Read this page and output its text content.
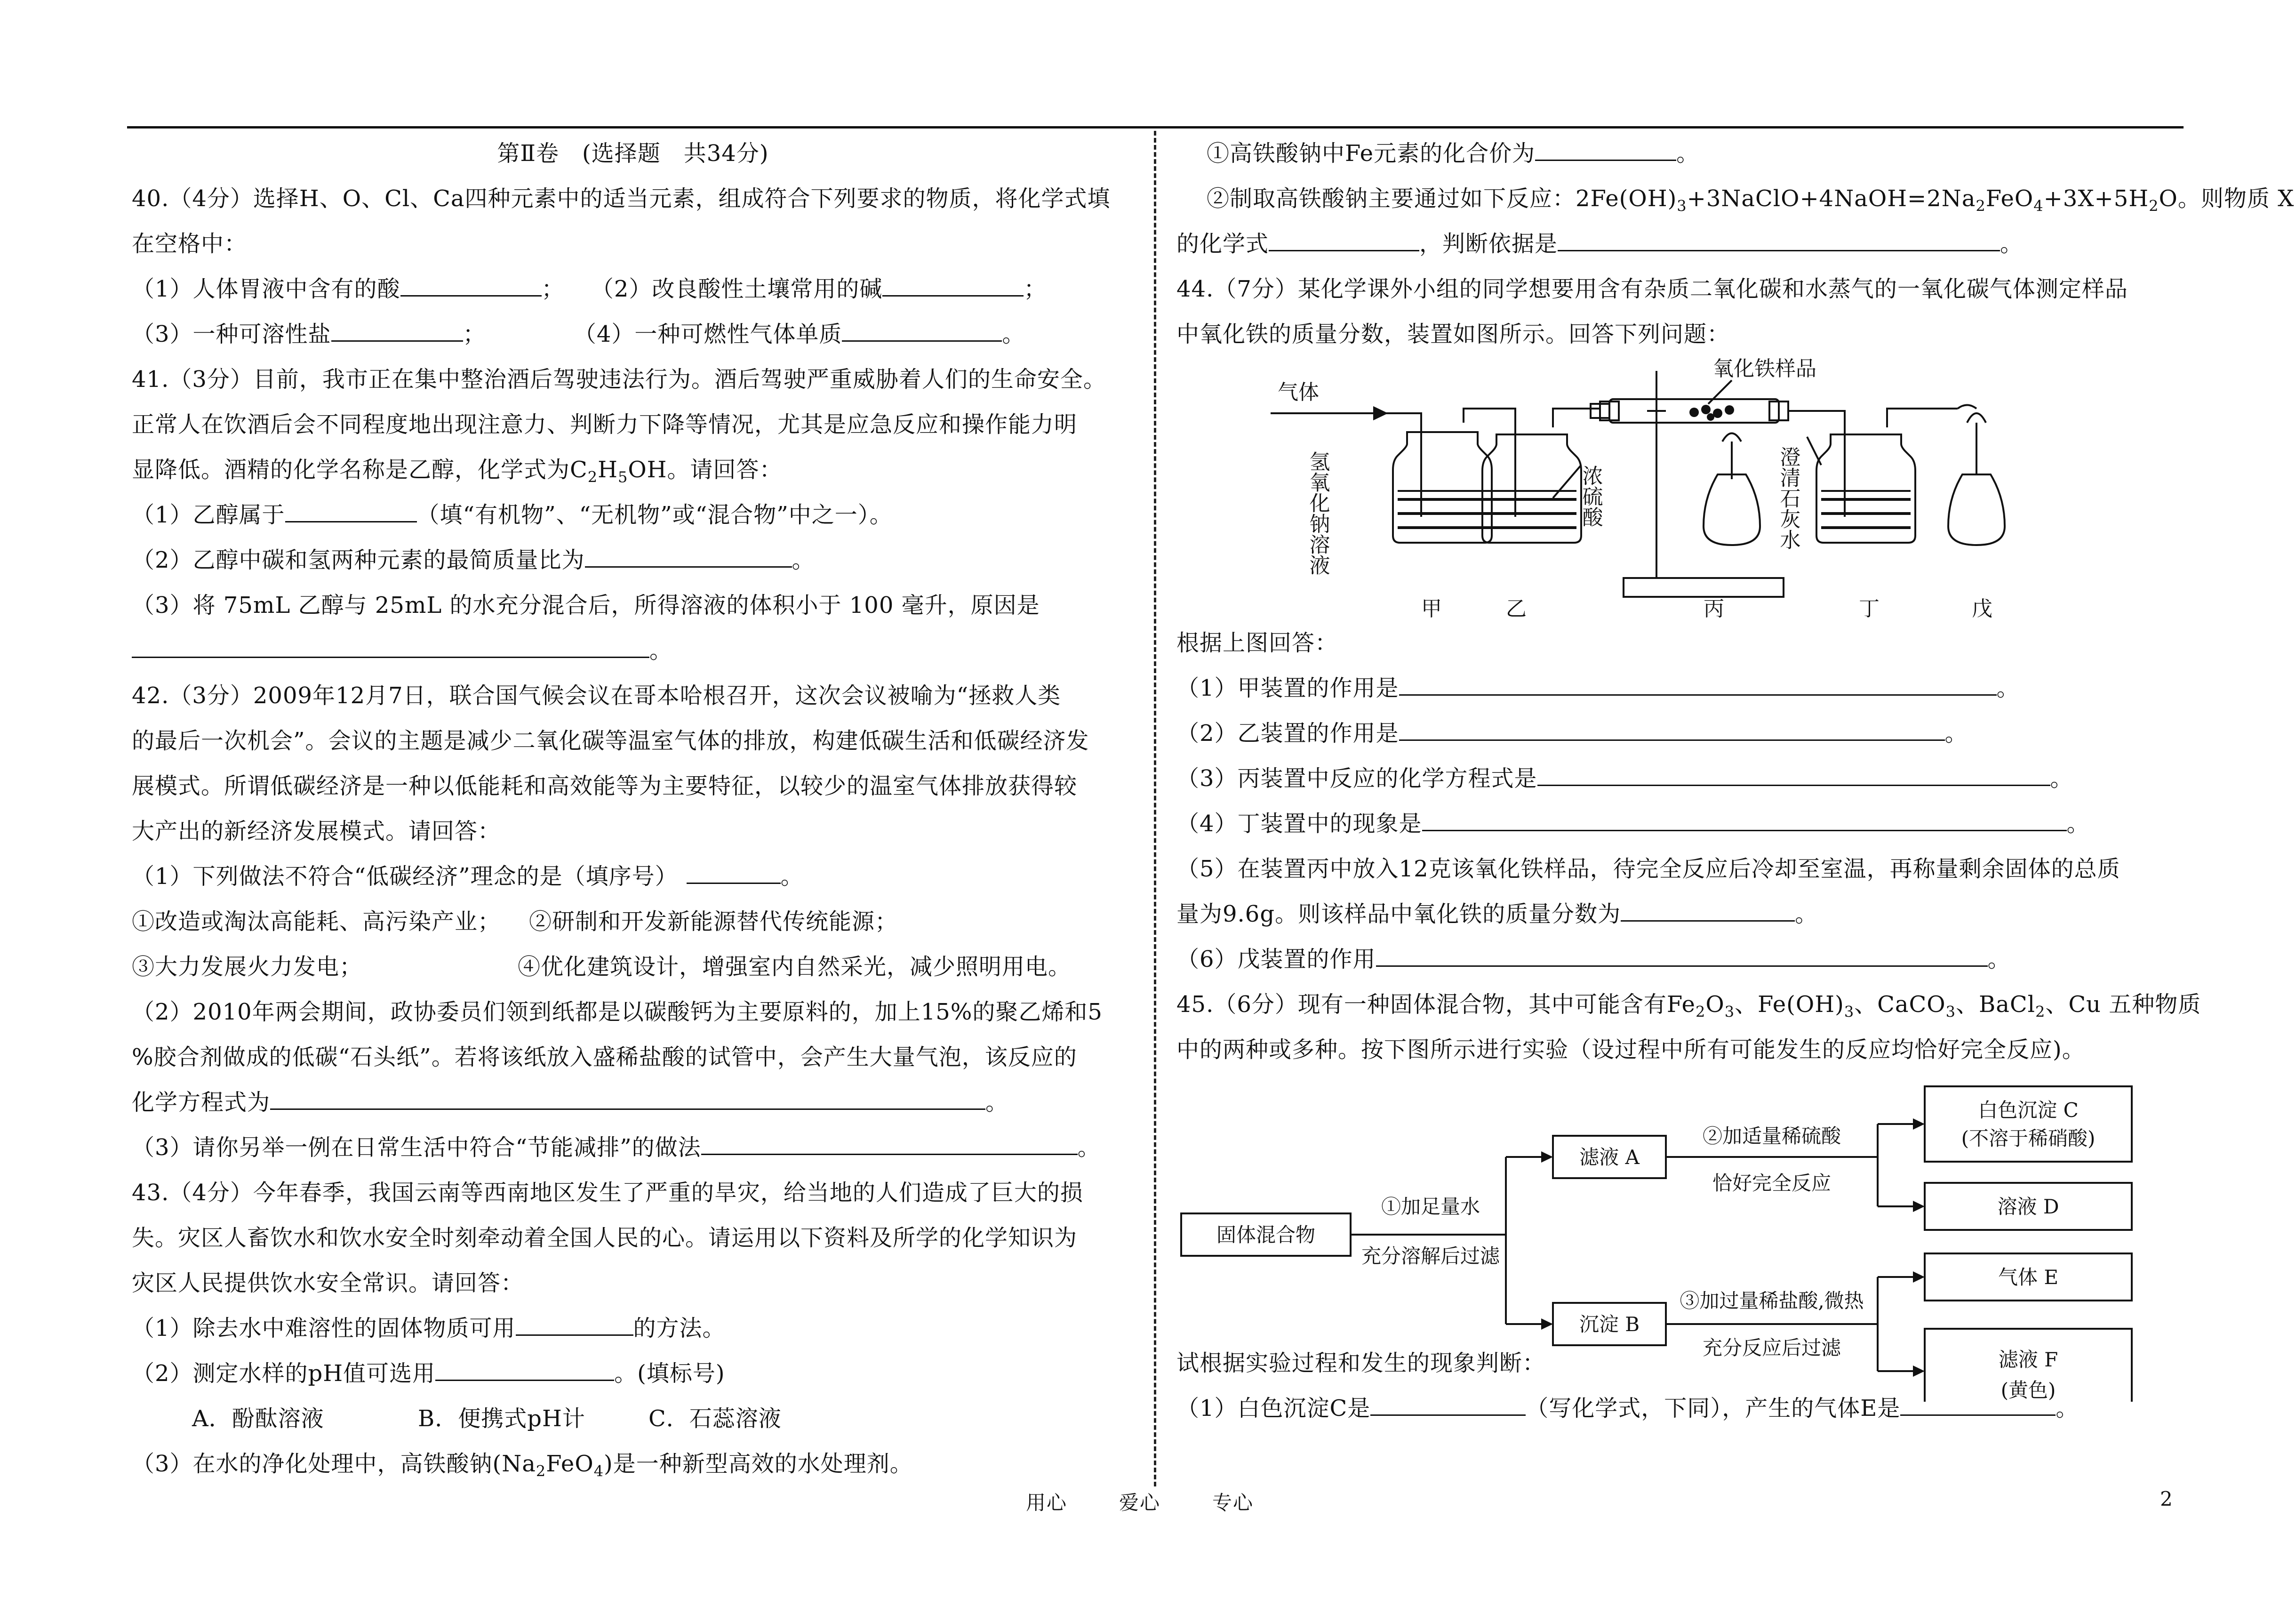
第Ⅱ卷　(选择题　共34分)
40.（4分）选择H、O、Cl、Ca四种元素中的适当元素，组成符合下列要求的物质，将化学式填
在空格中：
（1）人体胃液中含有的酸	； （2）改良酸性土壤常用的碱	；
（3）一种可溶性盐	；	（4）一种可燃性气体单质	。
41.（3分）目前，我市正在集中整治酒后驾驶违法行为。酒后驾驶严重威胁着人们的生命安全。
正常人在饮酒后会不同程度地出现注意力、判断力下降等情况，尤其是应急反应和操作能力明
显降低。酒精的化学名称是乙醇，化学式为$C_2H_5OH$。请回答：
（1）乙醇属于	（填“有机物”、“无机物”或“混合物”中之一）。
（2）乙醇中碳和氢两种元素的最简质量比为	。
（3）将 75mL 乙醇与 25mL 的水充分混合后，所得溶液的体积小于 100 毫升，原因是
。
42.（3分）2009年12月7日，联合国气候会议在哥本哈根召开，这次会议被喻为“拯救人类
的最后一次机会”。会议的主题是减少二氧化碳等温室气体的排放，构建低碳生活和低碳经济发
展模式。所谓低碳经济是一种以低能耗和高效能等为主要特征，以较少的温室气体排放获得较
大产出的新经济发展模式。请回答：
（1）下列做法不符合“低碳经济”理念的是（填序号）	。
①改造或淘汰高能耗、高污染产业； ②研制和开发新能源替代传统能源；
③大力发展火力发电；	④优化建筑设计，增强室内自然采光，减少照明用电。
（2）2010年两会期间，政协委员们领到纸都是以碳酸钙为主要原料的，加上15%的聚乙烯和5
%胶合剂做成的低碳“石头纸”。若将该纸放入盛稀盐酸的试管中，会产生大量气泡，该反应的
化学方程式为	。
（3）请你另举一例在日常生活中符合“节能减排”的做法	。
43.（4分）今年春季，我国云南等西南地区发生了严重的旱灾，给当地的人们造成了巨大的损
失。灾区人畜饮水和饮水安全时刻牵动着全国人民的心。请运用以下资料及所学的化学知识为
灾区人民提供饮水安全常识。请回答：
（1）除去水中难溶性的固体物质可用	的方法。
（2）测定水样的pH值可选用	。(填标号)
A．酚酞溶液	B．便携式pH计	C．石蕊溶液
（3）在水的净化处理中，高铁酸钠$(Na_2FeO_4)$是一种新型高效的水处理剂。
①高铁酸钠中Fe元素的化合价为	。
②制取高铁酸钠主要通过如下反应：$2Fe(OH)_3+3NaClO+4NaOH=2Na_2FeO_4+3X+5H_2O$。则物质 X
的化学式	，判断依据是	。
44.（7分）某化学课外小组的同学想要用含有杂质二氧化碳和水蒸气的一氧化碳气体测定样品
中氧化铁的质量分数，装置如图所示。回答下列问题：
气体
氧化铁样品
氢氧化钠溶液	浓硫酸	澄清石灰水
甲	乙	丙	丁	戊
根据上图回答：
（1）甲装置的作用是	。
（2）乙装置的作用是	。
（3）丙装置中反应的化学方程式是	。
（4）丁装置中的现象是	。
（5）在装置丙中放入12克该氧化铁样品，待完全反应后冷却至室温，再称量剩余固体的总质
量为9.6g。则该样品中氧化铁的质量分数为	。
（6）戊装置的作用	。
45.（6分）现有一种固体混合物，其中可能含有$Fe_2O_3$、$Fe(OH)_3$、CaCO$_3$、BaCl$_2$、Cu 五种物质
中的两种或多种。按下图所示进行实验（设过程中所有可能发生的反应均恰好完全反应)。
固体混合物
①加足量水
充分溶解后过滤
滤液 A
②加适量稀硫酸
恰好完全反应
白色沉淀 C
(不溶于稀硝酸)
溶液 D
沉淀 B
③加过量稀盐酸,微热
充分反应后过滤
气体 E
滤液 F
(黄色)
试根据实验过程和发生的现象判断：
（1）白色沉淀C是	（写化学式，下同），产生的气体E是	。
用心	爱心	专心	2
